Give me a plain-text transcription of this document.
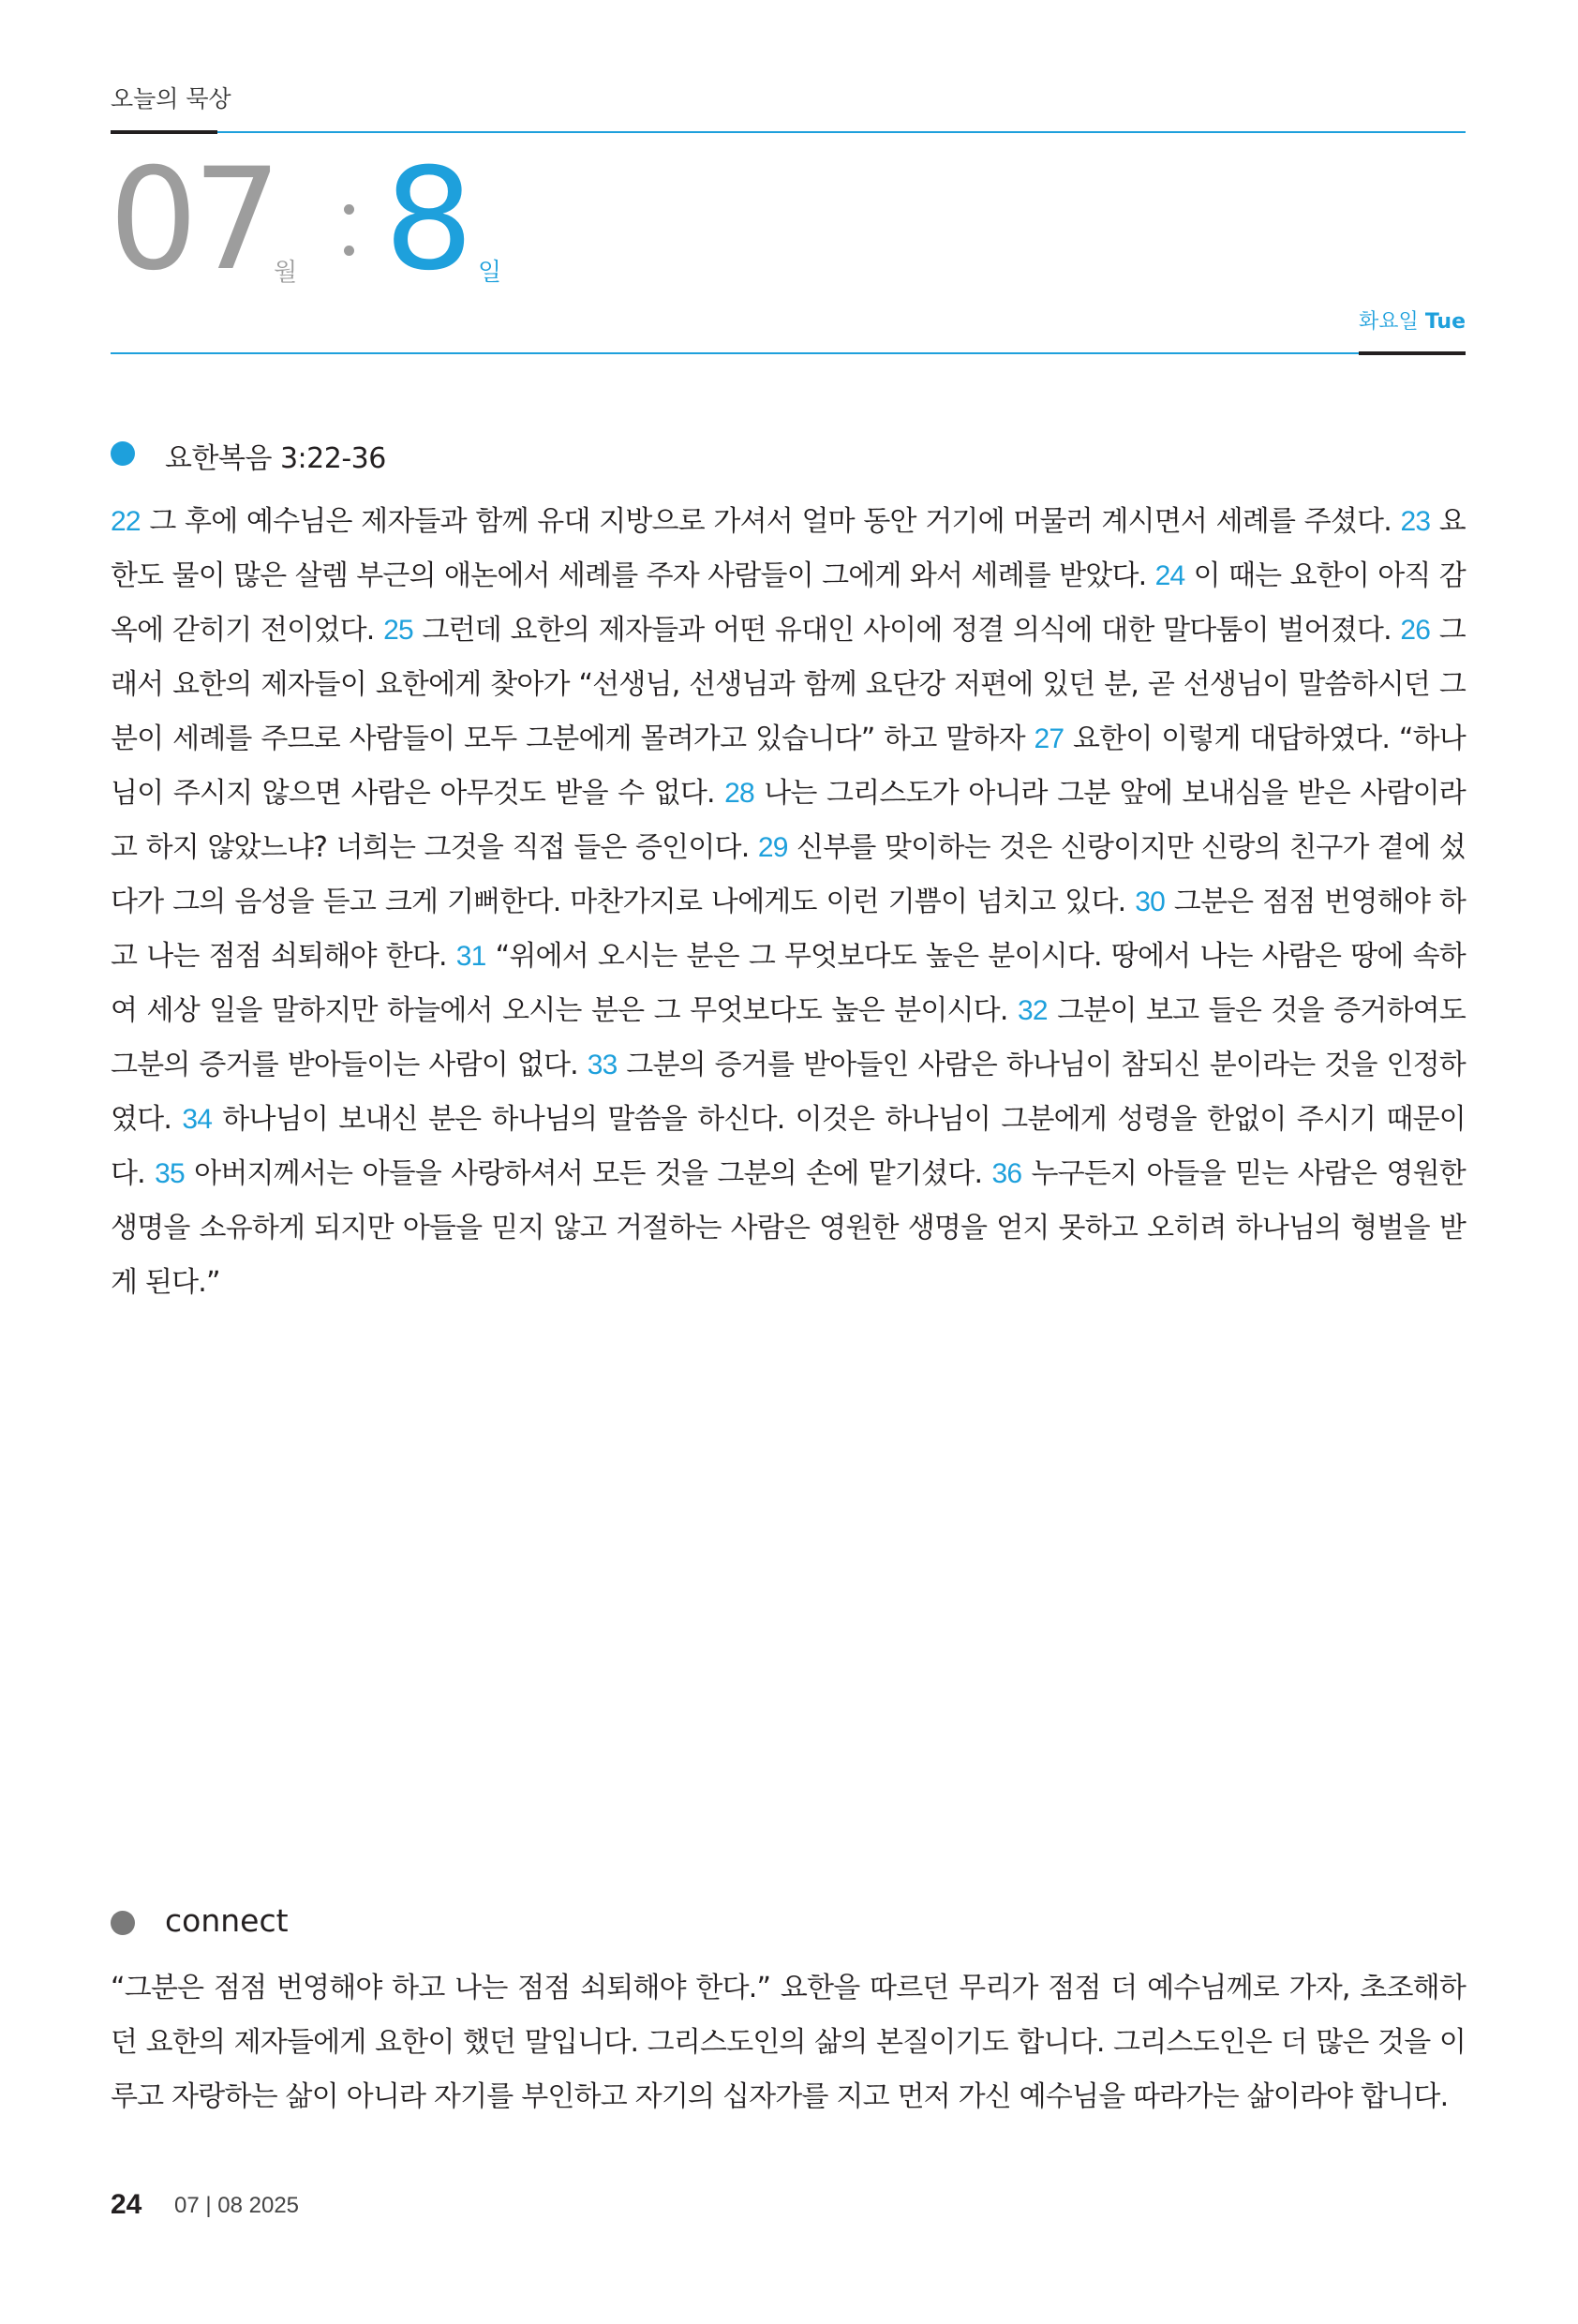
오늘의 묵상
07
월 8 일
화요일 Tue
요한복음 3:22-36

22 그 후에 예수님은 제자들과 함께 유대 지방으로 가셔서 얼마 동안 거기에 머물러 계시면서 세례를 주셨다. 23 요한도 물이 많은 살렘 부근의 애논에서 세례를 주자 사람들이 그에게 와서 세례를 받았다. 24 이 때는 요한이 아직 감옥에 갇히기 전이었다. 25 그런데 요한의 제자들과 어떤 유대인 사이에 정결 의식에 대한 말다툼이 벌어졌다. 26 그래서 요한의 제자들이 요한에게 찾아가 “선생님, 선생님과 함께 요단강 저편에 있던 분, 곧 선생님이 말씀하시던 그분이 세례를 주므로 사람들이 모두 그분에게 몰려가고 있습니다” 하고 말하자 27 요한이 이렇게 대답하였다. “하나님이 주시지 않으면 사람은 아무것도 받을 수 없다. 28 나는 그리스도가 아니라 그분 앞에 보내심을 받은 사람이라고 하지 않았느냐? 너희는 그것을 직접 들은 증인이다. 29 신부를 맞이하는 것은 신랑이지만 신랑의 친구가 곁에 섰다가 그의 음성을 듣고 크게 기뻐한다. 마찬가지로 나에게도 이런 기쁨이 넘치고 있다. 30 그분은 점점 번영해야 하고 나는 점점 쇠퇴해야 한다. 31 “위에서 오시는 분은 그 무엇보다도 높은 분이시다. 땅에서 나는 사람은 땅에 속하여 세상 일을 말하지만 하늘에서 오시는 분은 그 무엇보다도 높은 분이시다. 32 그분이 보고 들은 것을 증거하여도 그분의 증거를 받아들이는 사람이 없다. 33 그분의 증거를 받아들인 사람은 하나님이 참되신 분이라는 것을 인정하였다. 34 하나님이 보내신 분은 하나님의 말씀을 하신다. 이것은 하나님이 그분에게 성령을 한없이 주시기 때문이다. 35 아버지께서는 아들을 사랑하셔서 모든 것을 그분의 손에 맡기셨다. 36 누구든지 아들을 믿는 사람은 영원한 생명을 소유하게 되지만 아들을 믿지 않고 거절하는 사람은 영원한 생명을 얻지 못하고 오히려 하나님의 형벌을 받게 된다.”

connect

“그분은 점점 번영해야 하고 나는 점점 쇠퇴해야 한다.” 요한을 따르던 무리가 점점 더 예수님께로 가자, 초조해하던 요한의 제자들에게 요한이 했던 말입니다. 그리스도인의 삶의 본질이기도 합니다. 그리스도인은 더 많은 것을 이루고 자랑하는 삶이 아니라 자기를 부인하고 자기의 십자가를 지고 먼저 가신 예수님을 따라가는 삶이라야 합니다.

24 07 | 08 2025
